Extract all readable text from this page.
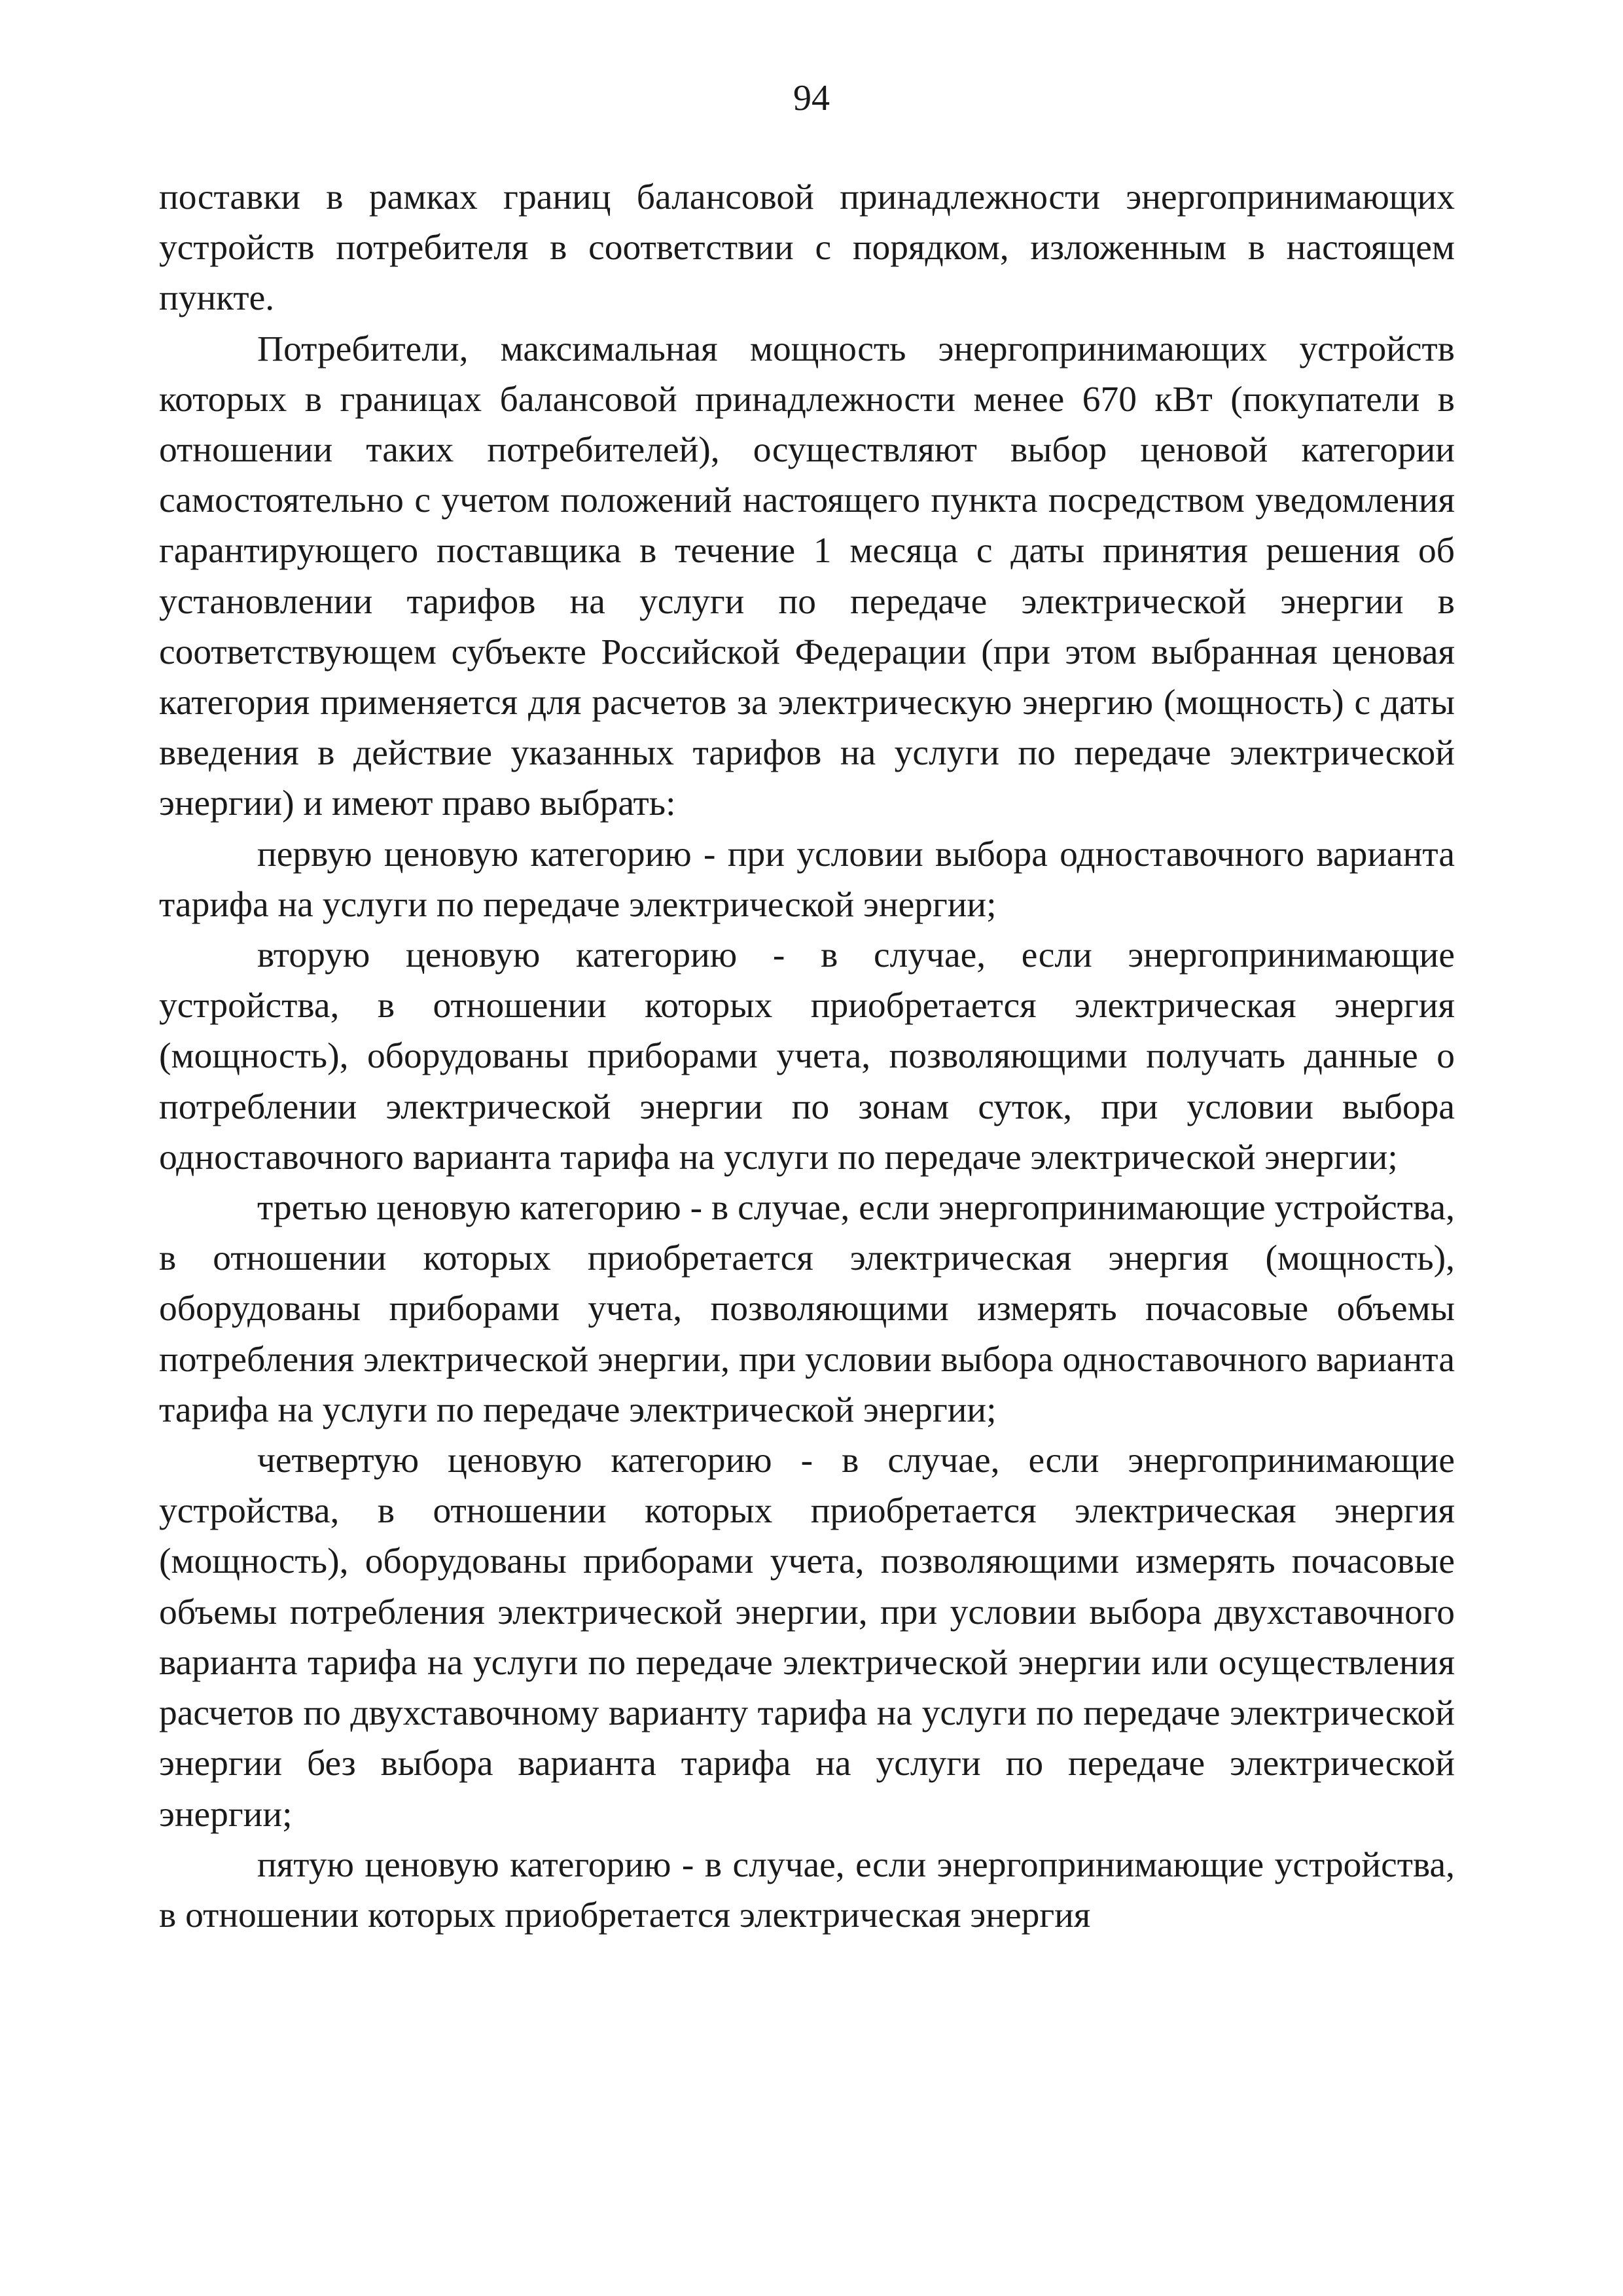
94

поставки в рамках границ балансовой принадлежности энергопринимающих устройств потребителя в соответствии с порядком, изложенным в настоящем пункте.

Потребители, максимальная мощность энергопринимающих устройств которых в границах балансовой принадлежности менее 670 кВт (покупатели в отношении таких потребителей), осуществляют выбор ценовой категории самостоятельно с учетом положений настоящего пункта посредством уведомления гарантирующего поставщика в течение 1 месяца с даты принятия решения об установлении тарифов на услуги по передаче электрической энергии в соответствующем субъекте Российской Федерации (при этом выбранная ценовая категория применяется для расчетов за электрическую энергию (мощность) с даты введения в действие указанных тарифов на услуги по передаче электрической энергии) и имеют право выбрать:

первую ценовую категорию - при условии выбора одноставочного варианта тарифа на услуги по передаче электрической энергии;

вторую ценовую категорию - в случае, если энергопринимающие устройства, в отношении которых приобретается электрическая энергия (мощность), оборудованы приборами учета, позволяющими получать данные о потреблении электрической энергии по зонам суток, при условии выбора одноставочного варианта тарифа на услуги по передаче электрической энергии;

третью ценовую категорию - в случае, если энергопринимающие устройства, в отношении которых приобретается электрическая энергия (мощность), оборудованы приборами учета, позволяющими измерять почасовые объемы потребления электрической энергии, при условии выбора одноставочного варианта тарифа на услуги по передаче электрической энергии;

четвертую ценовую категорию - в случае, если энергопринимающие устройства, в отношении которых приобретается электрическая энергия (мощность), оборудованы приборами учета, позволяющими измерять почасовые объемы потребления электрической энергии, при условии выбора двухставочного варианта тарифа на услуги по передаче электрической энергии или осуществления расчетов по двухставочному варианту тарифа на услуги по передаче электрической энергии без выбора варианта тарифа на услуги по передаче электрической энергии;

пятую ценовую категорию - в случае, если энергопринимающие устройства, в отношении которых приобретается электрическая энергия
